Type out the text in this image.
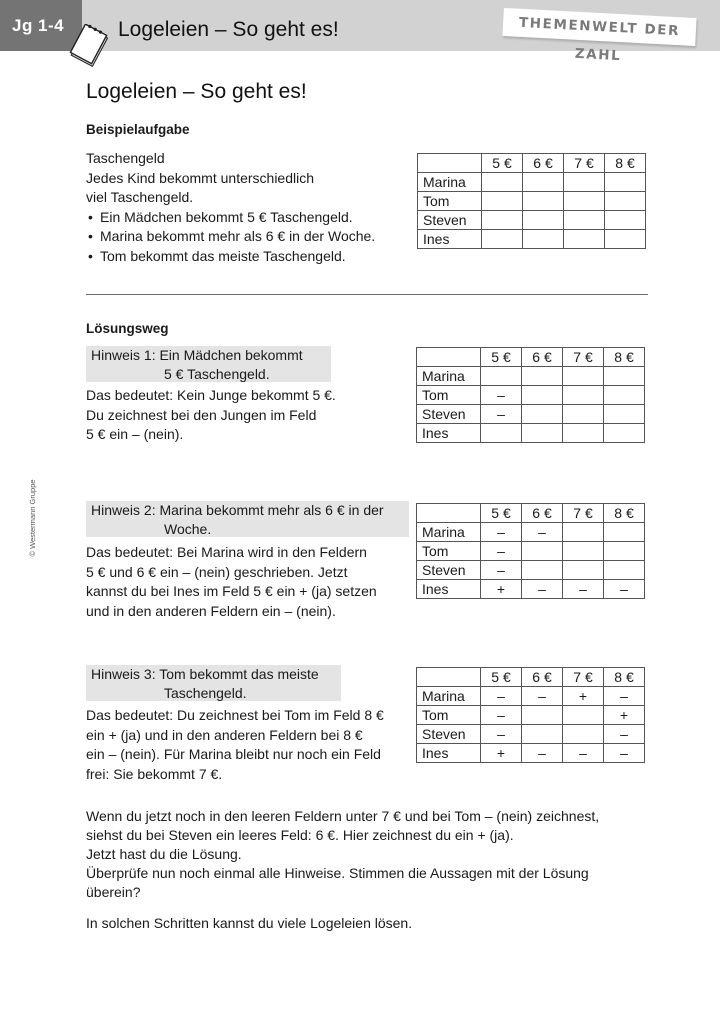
Jg 1-4	Logeleien – So geht es!	THEMENWELT DER ZAHL
© Westermann Gruppe
Logeleien – So geht es!
Beispielaufgabe
Taschengeld
Jedes Kind bekommt unterschiedlich
viel Taschengeld.
• Ein Mädchen bekommt 5 € Taschengeld.
• Marina bekommt mehr als 6 € in der Woche.
• Tom bekommt das meiste Taschengeld.
	5 €	6 €	7 €	8 €
Marina				
Tom				
Steven				
Ines				
Lösungsweg
Hinweis 1: Ein Mädchen bekommt
5 € Taschengeld.
Das bedeutet: Kein Junge bekommt 5 €.
Du zeichnest bei den Jungen im Feld
5 € ein – (nein).
	5 €	6 €	7 €	8 €
Marina				
Tom	–			
Steven	–			
Ines				
Hinweis 2: Marina bekommt mehr als 6 € in der
Woche.
Das bedeutet: Bei Marina wird in den Feldern
5 € und 6 € ein – (nein) geschrieben. Jetzt
kannst du bei Ines im Feld 5 € ein + (ja) setzen
und in den anderen Feldern ein – (nein).
	5 €	6 €	7 €	8 €
Marina	–	–		
Tom	–			
Steven	–			
Ines	+	–	–	–
Hinweis 3: Tom bekommt das meiste
Taschengeld.
Das bedeutet: Du zeichnest bei Tom im Feld 8 €
ein + (ja) und in den anderen Feldern bei 8 €
ein – (nein). Für Marina bleibt nur noch ein Feld
frei: Sie bekommt 7 €.
	5 €	6 €	7 €	8 €
Marina	–	–	+	–
Tom	–			+
Steven	–			–
Ines	+	–	–	–
Wenn du jetzt noch in den leeren Feldern unter 7 € und bei Tom – (nein) zeichnest,
siehst du bei Steven ein leeres Feld: 6 €. Hier zeichnest du ein + (ja).
Jetzt hast du die Lösung.
Überprüfe nun noch einmal alle Hinweise. Stimmen die Aussagen mit der Lösung
überein?
In solchen Schritten kannst du viele Logeleien lösen.
